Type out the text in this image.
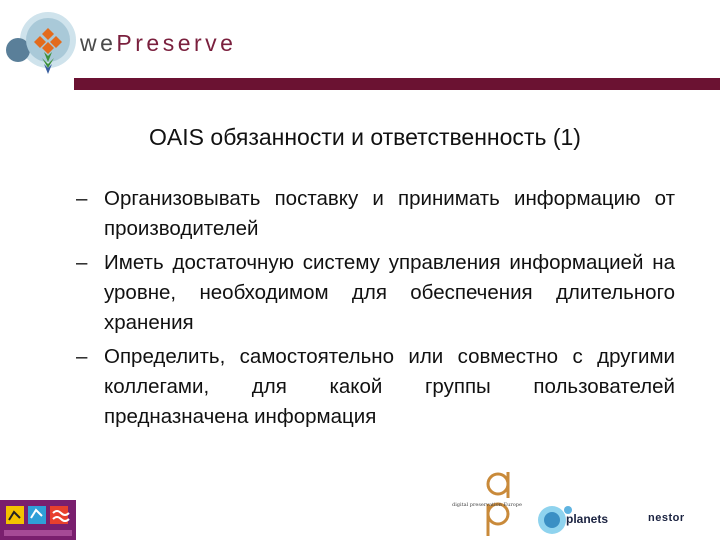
wePreserve
OAIS обязанности и ответственность (1)
– Организовывать поставку и принимать информацию от производителей
– Иметь достаточную систему управления информацией на уровне, необходимом для обеспечения длительного хранения
– Определить, самостоятельно или совместно с другими коллегами, для какой группы пользователей предназначена информация
digital preservation Europe
planets	nestor
